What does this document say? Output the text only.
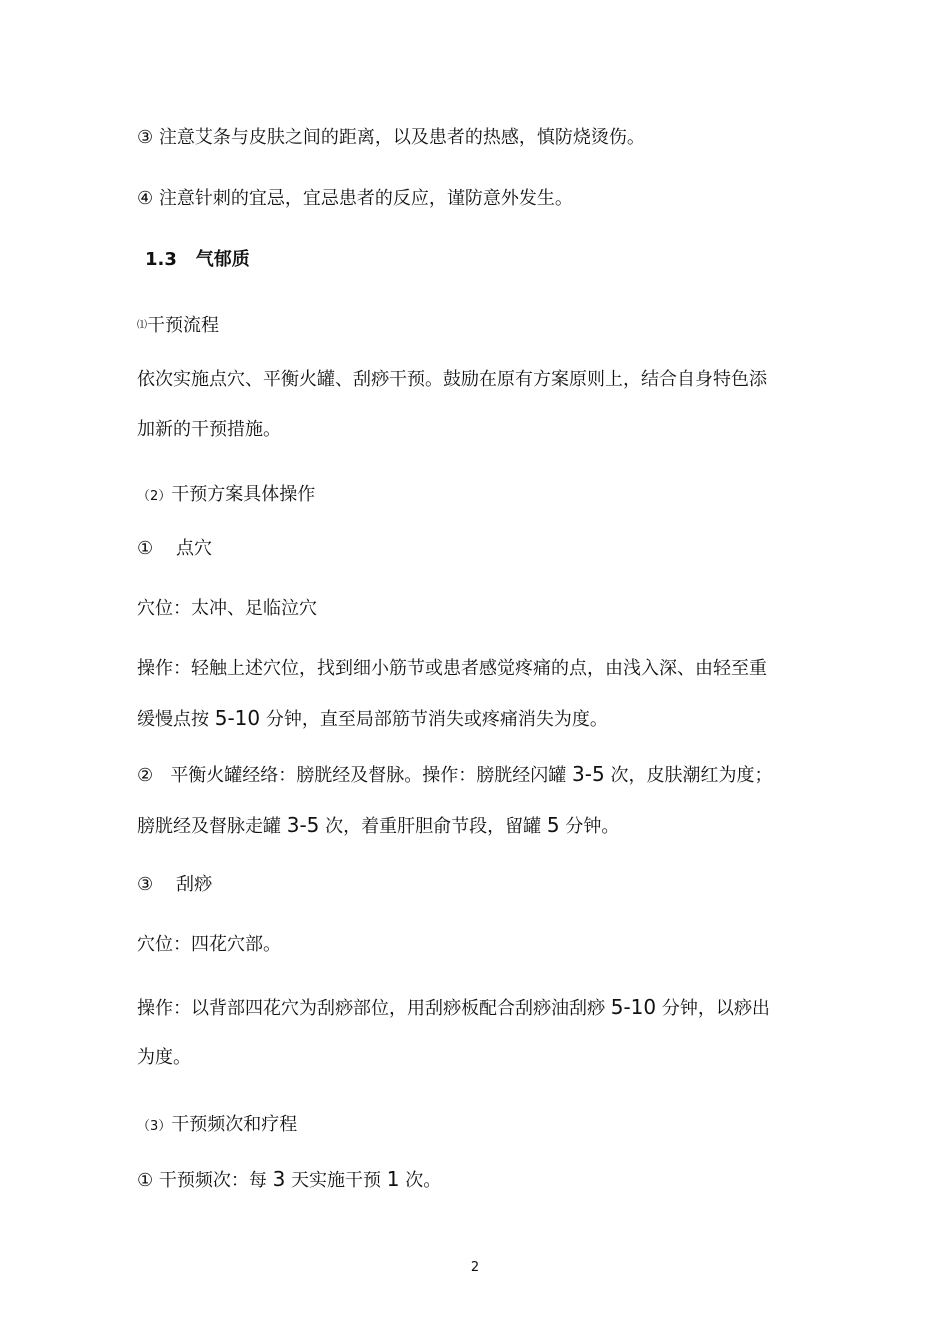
③ 注意艾条与皮肤之间的距离，以及患者的热感，慎防烧烫伤。
④ 注意针刺的宜忌，宜忌患者的反应，谨防意外发生。
1.3 气郁质
⑴干预流程
依次实施点穴、平衡火罐、刮痧干预。鼓励在原有方案原则上，结合自身特色添
加新的干预措施。
（2）干预方案具体操作
① 点穴
穴位：太冲、足临泣穴
操作：轻触上述穴位，找到细小筋节或患者感觉疼痛的点，由浅入深、由轻至重
缓慢点按 5-10 分钟，直至局部筋节消失或疼痛消失为度。
② 平衡火罐经络：膀胱经及督脉。操作：膀胱经闪罐 3-5 次，皮肤潮红为度；
膀胱经及督脉走罐 3-5 次，着重肝胆俞节段，留罐 5 分钟。
③ 刮痧
穴位：四花穴部。
操作：以背部四花穴为刮痧部位，用刮痧板配合刮痧油刮痧 5-10 分钟，以痧出
为度。
（3）干预频次和疗程
① 干预频次：每 3 天实施干预 1 次。
2
